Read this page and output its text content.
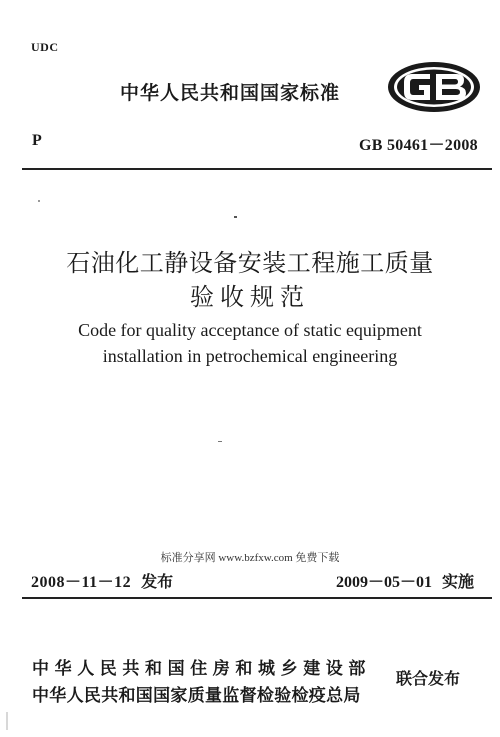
UDC
中华人民共和国国家标准
P	GB 50461－2008
石油化工静设备安装工程施工质量
验收规范
Code for quality acceptance of static equipment
installation in petrochemical engineering
标准分享网 www.bzfxw.com 免费下载
2008－11－12 发布	2009－05－01 实施
中华人民共和国住房和城乡建设部
中华人民共和国国家质量监督检验检疫总局
联合发布
